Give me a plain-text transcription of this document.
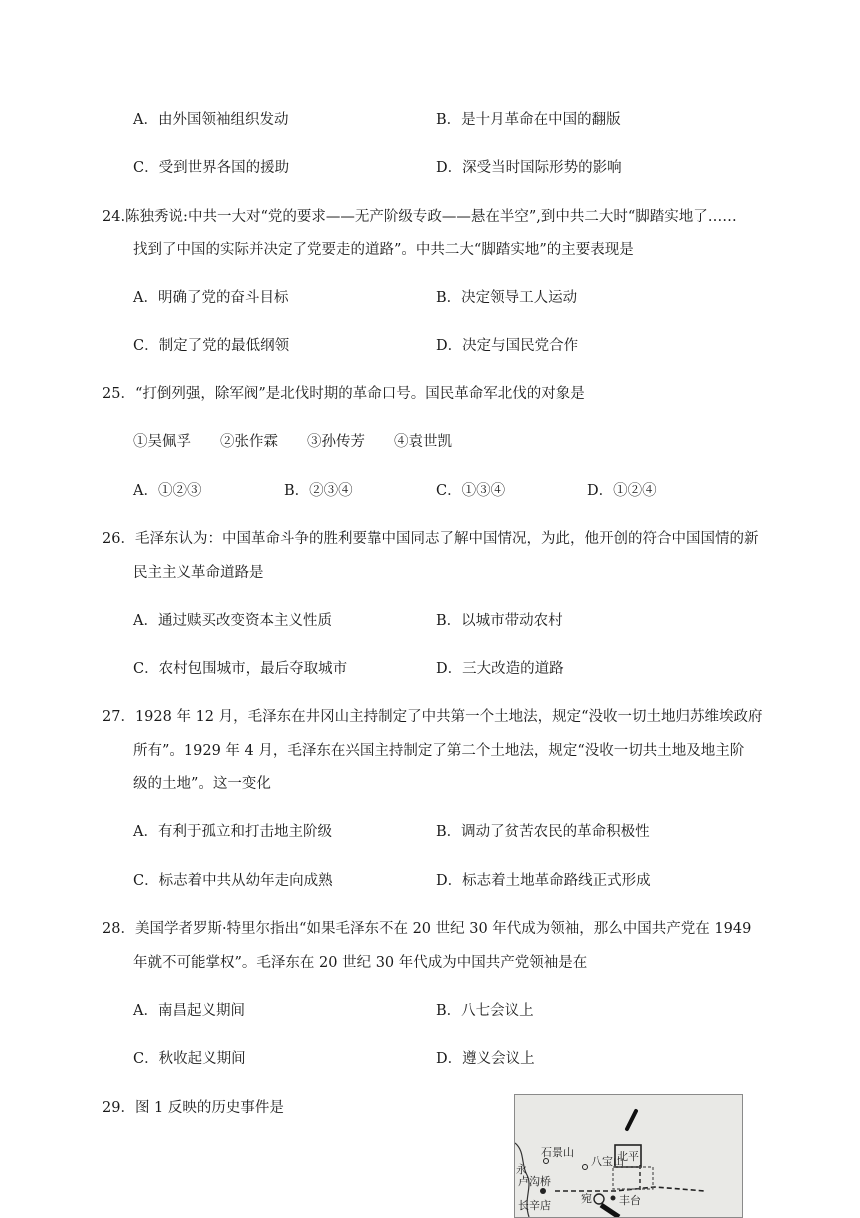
A．由外国领袖组织发动	B．是十月革命在中国的翻版
C．受到世界各国的援助	D．深受当时国际形势的影响
24.陈独秀说:中共一大对“党的要求——无产阶级专政——悬在半空”,到中共二大时“脚踏实地了……
找到了中国的实际并决定了党要走的道路”。中共二大“脚踏实地”的主要表现是
A．明确了党的奋斗目标	B．决定领导工人运动
C．制定了党的最低纲领	D．决定与国民党合作
25．“打倒列强，除军阀”是北伐时期的革命口号。国民革命军北伐的对象是
①吴佩孚　　②张作霖　　③孙传芳　　④袁世凯
A．①②③	B．②③④	C．①③④	D．①②④
26．毛泽东认为：中国革命斗争的胜利要靠中国同志了解中国情况，为此，他开创的符合中国国情的新
民主主义革命道路是
A．通过赎买改变资本主义性质	B．以城市带动农村
C．农村包围城市，最后夺取城市	D．三大改造的道路
27．1928 年 12 月，毛泽东在井冈山主持制定了中共第一个土地法，规定“没收一切土地归苏维埃政府
所有”。1929 年 4 月，毛泽东在兴国主持制定了第二个土地法，规定“没收一切共土地及地主阶
级的土地”。这一变化
A．有利于孤立和打击地主阶级	B．调动了贫苦农民的革命积极性
C．标志着中共从幼年走向成熟	D．标志着土地革命路线正式形成
28．美国学者罗斯·特里尔指出“如果毛泽东不在 20 世纪 30 年代成为领袖，那么中国共产党在 1949
年就不可能掌权”。毛泽东在 20 世纪 30 年代成为中国共产党领袖是在
A．南昌起义期间	B．八七会议上
C．秋收起义期间	D．遵义会议上
29．图 1 反映的历史事件是
石景山
八宝山
北平
卢沟桥
长辛店	丰台
永
宛
